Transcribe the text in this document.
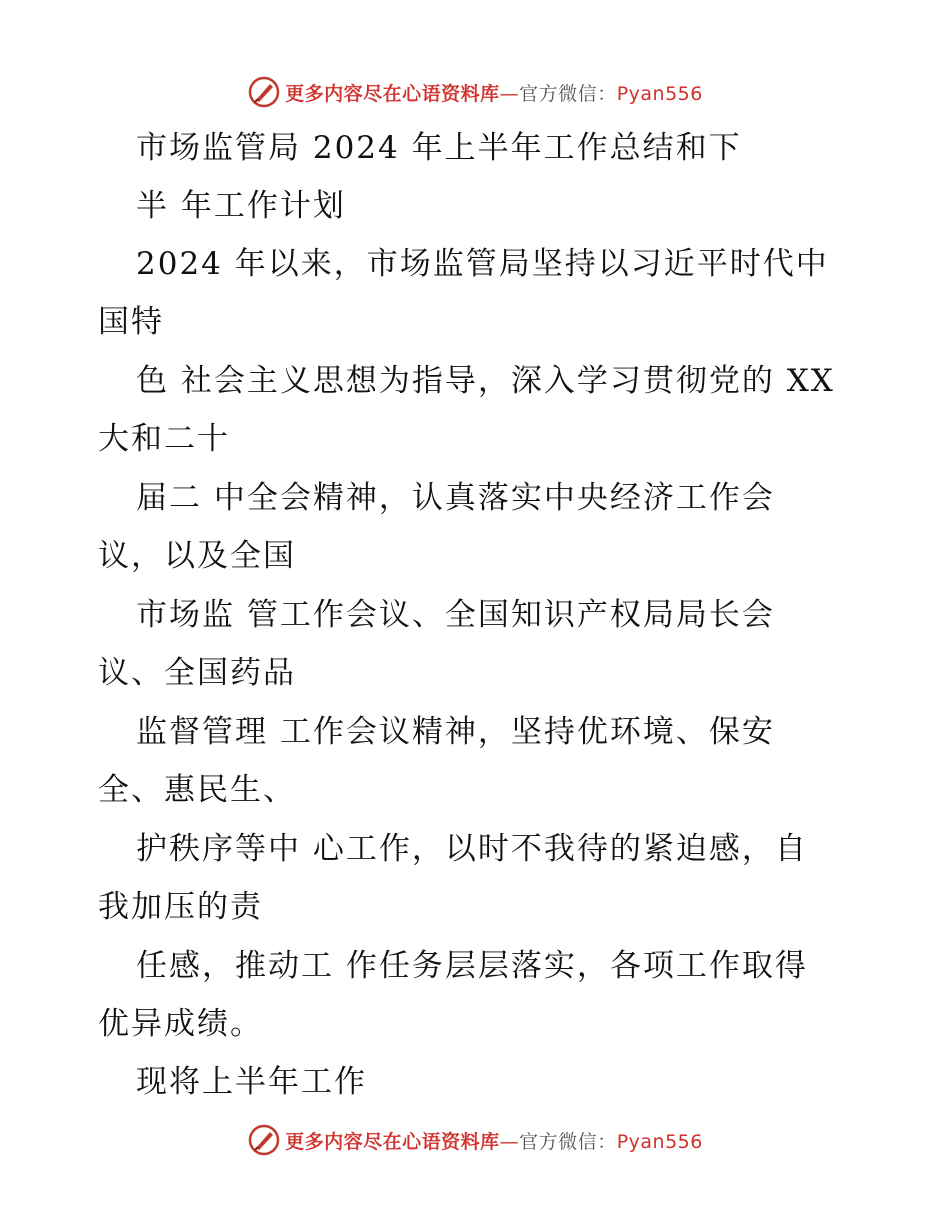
更多内容尽在心语资料库—官方微信：Pyan556

市场监管局 2024 年上半年工作总结和下

半 年工作计划

2024 年以来，市场监管局坚持以习近平时代中

国特

色 社会主义思想为指导，深入学习贯彻党的 XX

大和二十

届二 中全会精神，认真落实中央经济工作会

议，以及全国

市场监 管工作会议、全国知识产权局局长会

议、全国药品

监督管理 工作会议精神，坚持优环境、保安

全、惠民生、

护秩序等中 心工作，以时不我待的紧迫感，自

我加压的责

任感，推动工 作任务层层落实，各项工作取得

优异成绩。

现将上半年工作

更多内容尽在心语资料库—官方微信：Pyan556
